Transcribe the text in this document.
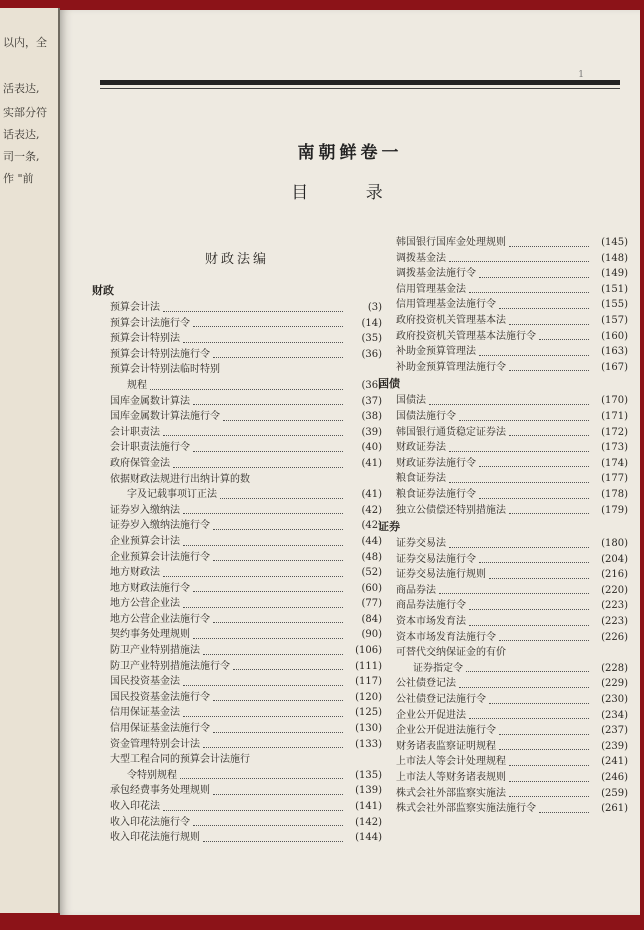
以内，全
活表达,
实部分符
话表达,
司一条,
作 "前
1
南朝鲜卷一
目 录
财政法编
财政
预算会计法	(3)
预算会计法施行令	(14)
预算会计特别法	(35)
预算会计特别法施行令	(36)
预算会计特别法临时特别
规程	(36)
国库金属数计算法	(37)
国库金属数计算法施行令	(38)
会计职责法	(39)
会计职责法施行令	(40)
政府保管金法	(41)
依据财政法规进行出纳计算的数
字及记载事项订正法	(41)
证券岁入缴纳法	(42)
证券岁入缴纳法施行令	(42)
企业预算会计法	(44)
企业预算会计法施行令	(48)
地方财政法	(52)
地方财政法施行令	(60)
地方公营企业法	(77)
地方公营企业法施行令	(84)
契约事务处理规则	(90)
防卫产业特别措施法	(106)
防卫产业特别措施法施行令	(111)
国民投资基金法	(117)
国民投资基金法施行令	(120)
信用保证基金法	(125)
信用保证基金法施行令	(130)
资金管理特别会计法	(133)
大型工程合同的预算会计法施行
令特别规程	(135)
承包经费事务处理规则	(139)
收入印花法	(141)
收入印花法施行令	(142)
收入印花法施行规则	(144)
韩国银行国库金处理规则	(145)
调拨基金法	(148)
调拨基金法施行令	(149)
信用管理基金法	(151)
信用管理基金法施行令	(155)
政府投资机关管理基本法	(157)
政府投资机关管理基本法施行令	(160)
补助金预算管理法	(163)
补助金预算管理法施行令	(167)
国债
国债法	(170)
国债法施行令	(171)
韩国银行通货稳定证券法	(172)
财政证券法	(173)
财政证券法施行令	(174)
粮食证券法	(177)
粮食证券法施行令	(178)
独立公债偿还特别措施法	(179)
证券
证券交易法	(180)
证券交易法施行令	(204)
证券交易法施行规则	(216)
商品券法	(220)
商品券法施行令	(223)
资本市场发育法	(223)
资本市场发育法施行令	(226)
可替代交纳保证金的有价
证券指定令	(228)
公社债登记法	(229)
公社债登记法施行令	(230)
企业公开促进法	(234)
企业公开促进法施行令	(237)
财务诸表监察证明规程	(239)
上市法人等会计处理规程	(241)
上市法人等财务诸表规则	(246)
株式会社外部监察实施法	(259)
株式会社外部监察实施法施行令	(261)
